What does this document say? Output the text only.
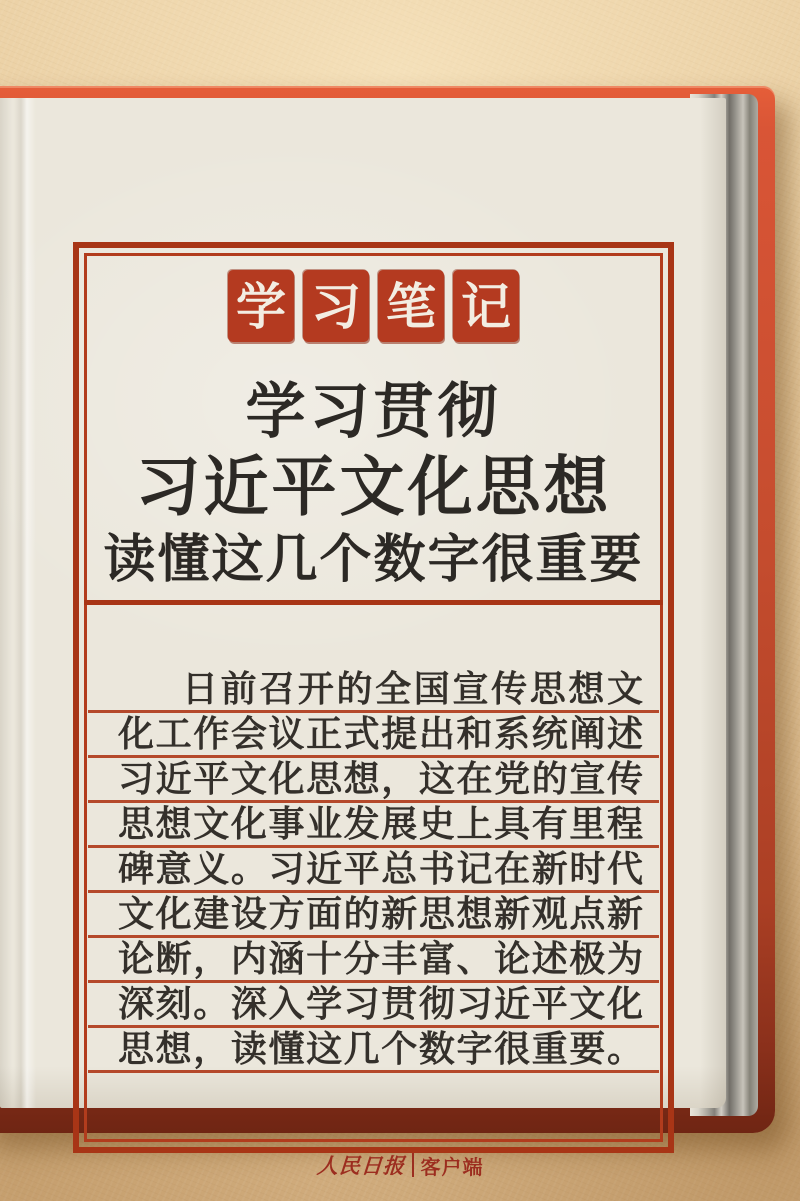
学 习 笔 记
学习贯彻
习近平文化思想
读懂这几个数字很重要
日前召开的全国宣传思想文
化工作会议正式提出和系统阐述
习近平文化思想，这在党的宣传
思想文化事业发展史上具有里程
碑意义。习近平总书记在新时代
文化建设方面的新思想新观点新
论断，内涵十分丰富、论述极为
深刻。深入学习贯彻习近平文化
思想，读懂这几个数字很重要。
人民日报 客户端
